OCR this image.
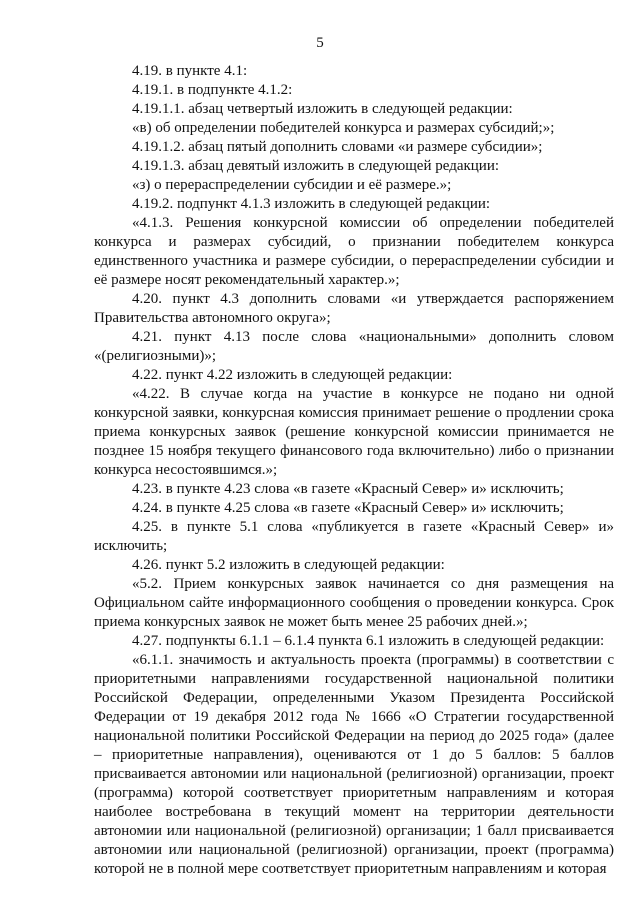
5

4.19. в пункте 4.1:

4.19.1. в подпункте 4.1.2:

4.19.1.1. абзац четвертый изложить в следующей редакции:

«в) об определении победителей конкурса и размерах субсидий;»;

4.19.1.2. абзац пятый дополнить словами «и размере субсидии»;

4.19.1.3. абзац девятый изложить в следующей редакции:

«з) о перераспределении субсидии и её размере.»;

4.19.2. подпункт 4.1.3 изложить в следующей редакции:

«4.1.3. Решения конкурсной комиссии об определении победителей конкурса и размерах субсидий, о признании победителем конкурса единственного участника и размере субсидии, о перераспределении субсидии и её размере носят рекомендательный характер.»;

4.20. пункт 4.3 дополнить словами «и утверждается распоряжением Правительства автономного округа»;

4.21. пункт 4.13 после слова «национальными» дополнить словом «(религиозными)»;

4.22. пункт 4.22 изложить в следующей редакции:

«4.22. В случае когда на участие в конкурсе не подано ни одной конкурсной заявки, конкурсная комиссия принимает решение о продлении срока приема конкурсных заявок (решение конкурсной комиссии принимается не позднее 15 ноября текущего финансового года включительно) либо о признании конкурса несостоявшимся.»;

4.23. в пункте 4.23 слова «в газете «Красный Север» и» исключить;

4.24. в пункте 4.25 слова «в газете «Красный Север» и» исключить;

4.25. в пункте 5.1 слова «публикуется в газете «Красный Север» и» исключить;

4.26. пункт 5.2 изложить в следующей редакции:

«5.2. Прием конкурсных заявок начинается со дня размещения на Официальном сайте информационного сообщения о проведении конкурса. Срок приема конкурсных заявок не может быть менее 25 рабочих дней.»;

4.27. подпункты 6.1.1 – 6.1.4 пункта 6.1 изложить в следующей редакции:

«6.1.1. значимость и актуальность проекта (программы) в соответствии с приоритетными направлениями государственной национальной политики Российской Федерации, определенными Указом Президента Российской Федерации от 19 декабря 2012 года № 1666 «О Стратегии государственной национальной политики Российской Федерации на период до 2025 года» (далее – приоритетные направления), оцениваются от 1 до 5 баллов: 5 баллов присваивается автономии или национальной (религиозной) организации, проект (программа) которой соответствует приоритетным направлениям и которая наиболее востребована в текущий момент на территории деятельности автономии или национальной (религиозной) организации; 1 балл присваивается автономии или национальной (религиозной) организации, проект (программа) которой не в полной мере соответствует приоритетным направлениям и которая
